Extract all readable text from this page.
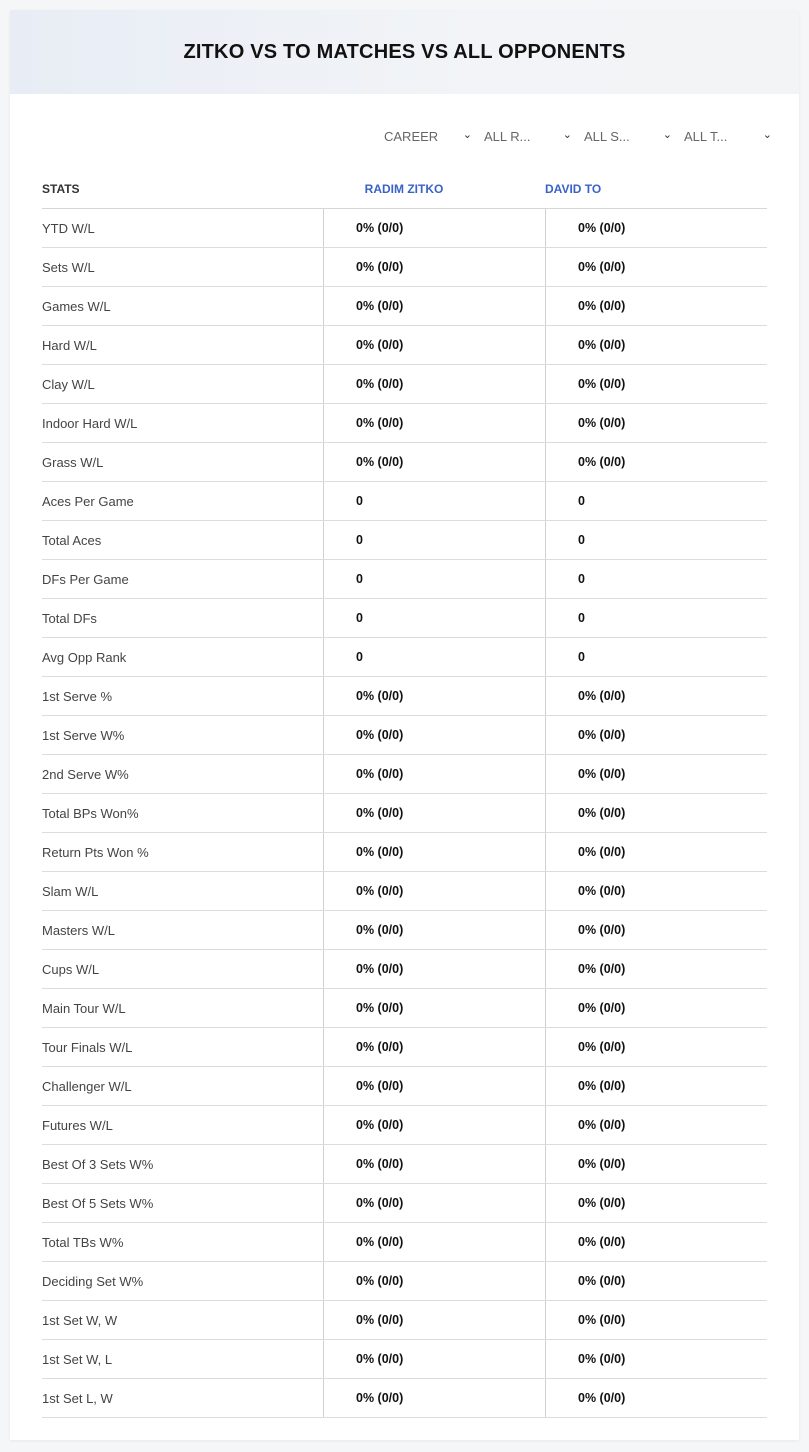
ZITKO VS TO MATCHES VS ALL OPPONENTS
CAREER ⌄ ALL R...	⌄ ALL S...	⌄ ALL T...	⌄
STATS	RADIM ZITKO	DAVID TO
YTD W/L	0% (0/0)	0% (0/0)
Sets W/L	0% (0/0)	0% (0/0)
Games W/L	0% (0/0)	0% (0/0)
Hard W/L	0% (0/0)	0% (0/0)
Clay W/L	0% (0/0)	0% (0/0)
Indoor Hard W/L	0% (0/0)	0% (0/0)
Grass W/L	0% (0/0)	0% (0/0)
Aces Per Game	0	0
Total Aces	0	0
DFs Per Game	0	0
Total DFs	0	0
Avg Opp Rank	0	0
1st Serve %	0% (0/0)	0% (0/0)
1st Serve W%	0% (0/0)	0% (0/0)
2nd Serve W%	0% (0/0)	0% (0/0)
Total BPs Won%	0% (0/0)	0% (0/0)
Return Pts Won %	0% (0/0)	0% (0/0)
Slam W/L	0% (0/0)	0% (0/0)
Masters W/L	0% (0/0)	0% (0/0)
Cups W/L	0% (0/0)	0% (0/0)
Main Tour W/L	0% (0/0)	0% (0/0)
Tour Finals W/L	0% (0/0)	0% (0/0)
Challenger W/L	0% (0/0)	0% (0/0)
Futures W/L	0% (0/0)	0% (0/0)
Best Of 3 Sets W%	0% (0/0)	0% (0/0)
Best Of 5 Sets W%	0% (0/0)	0% (0/0)
Total TBs W%	0% (0/0)	0% (0/0)
Deciding Set W%	0% (0/0)	0% (0/0)
1st Set W, W	0% (0/0)	0% (0/0)
1st Set W, L	0% (0/0)	0% (0/0)
1st Set L, W	0% (0/0)	0% (0/0)
